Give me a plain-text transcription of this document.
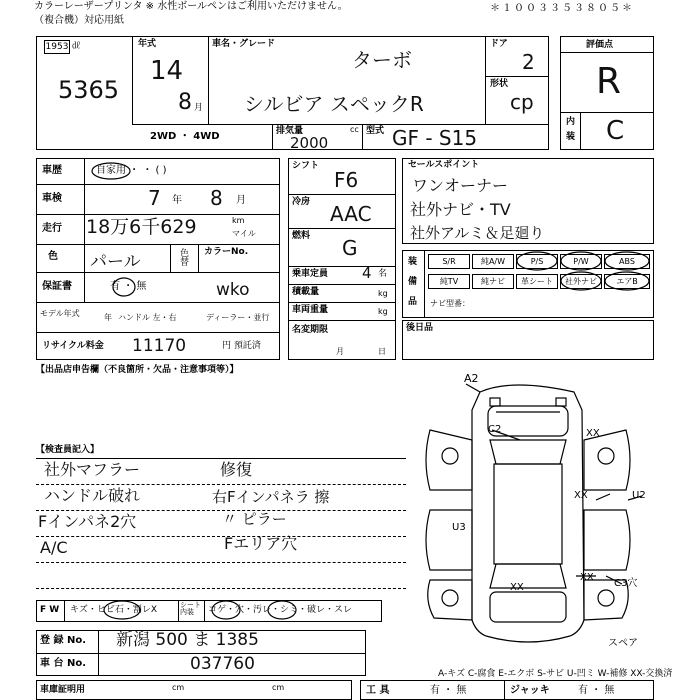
カラーレーザープリンタ ※ 水性ボールペンはご利用いただけません。
（複合機）対応用紙
＊１００３３５３８０５＊
1953 ㎗
5365
年式
14
8 月
車名・グレード
ターボ
シルビア スペックR
ドア
2
形状
cp
2WD ・ 4WD	排気量
2000
cc 型式 GF - S15
評価点
R
内
装 C
車歴	自家用 ・ ・ ( )
車検	7 年 8 月
走行 18万6千629	km
マイル
色 パール	色替 カラーNo.
保証書	有 ・ 無	wko
モデル年式	年 ハンドル 左・右	ディーラー・並行
リサイクル料金 11170	円 預託済
シフト
F6
冷房 AAC
燃料 G
乗車定員 4 名
積載量	kg
車両重量	kg
名変期限
月	日
セールスポイント
ワンオーナー
社外ナビ・TV
社外アルミ＆足廻り
装
備
品
S/R	純A/W	P/S	P/W	ABS
純TV	純ナビ	革シート	社外ナビ	エアB
ナビ型番：
後日品
【出品店申告欄（不良箇所・欠品・注意事項等）】
【検査員記入】
社外マフラー
ハンドル破れ
Fインパネ2穴
A/C
修復
右Fインパネラ 擦
〃 ピラー
Fエリア穴
A2
C2	XX
U3
XX	U2
XX
C3穴
XX
スペア
A-キズ C-腐食 E-エクボ S-サビ U-凹ミ W-補修 XX-交換済
F W キズ・ヒビ石・割レX	シート 内装	コゲ・穴・汚レ・シミ・破レ・スレ
登 録 No. 新潟 500 ま 1385
車 台 No.	037760
車庫証明用	cm	cm	工 具	有 ・ 無	ジャッキ	有 ・ 無
